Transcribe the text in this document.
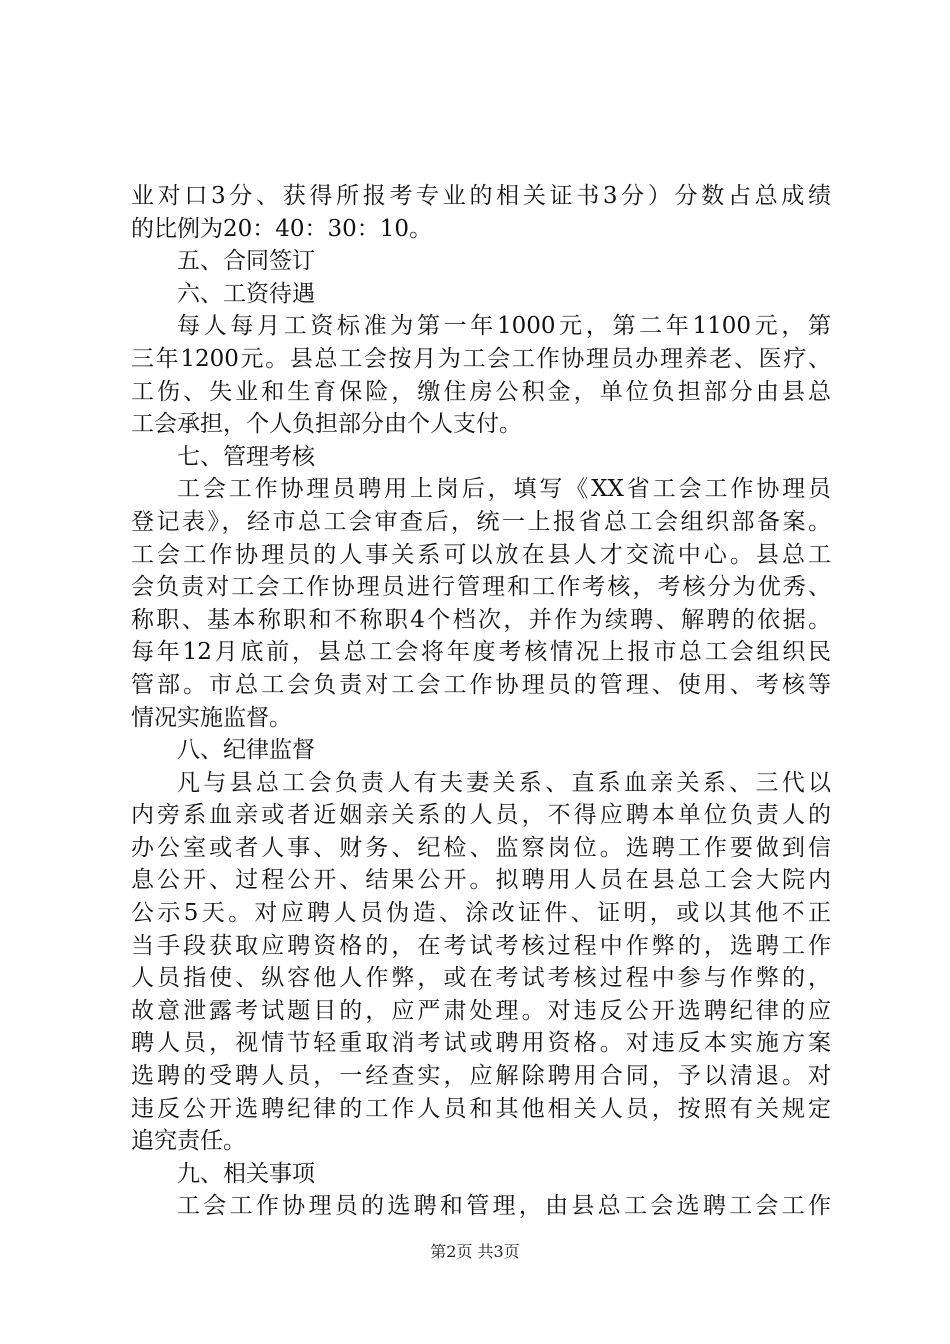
业对口3分、获得所报考专业的相关证书3分）分数占总成绩
的比例为20：40：30：10。
五、合同签订
六、工资待遇
每人每月工资标准为第一年1000元，第二年1100元，第
三年1200元。县总工会按月为工会工作协理员办理养老、医疗、
工伤、失业和生育保险，缴住房公积金，单位负担部分由县总
工会承担，个人负担部分由个人支付。
七、管理考核
工会工作协理员聘用上岗后，填写《XX省工会工作协理员
登记表》，经市总工会审查后，统一上报省总工会组织部备案。
工会工作协理员的人事关系可以放在县人才交流中心。县总工
会负责对工会工作协理员进行管理和工作考核，考核分为优秀、
称职、基本称职和不称职4个档次，并作为续聘、解聘的依据。
每年12月底前，县总工会将年度考核情况上报市总工会组织民
管部。市总工会负责对工会工作协理员的管理、使用、考核等
情况实施监督。
八、纪律监督
凡与县总工会负责人有夫妻关系、直系血亲关系、三代以
内旁系血亲或者近姻亲关系的人员，不得应聘本单位负责人的
办公室或者人事、财务、纪检、监察岗位。选聘工作要做到信
息公开、过程公开、结果公开。拟聘用人员在县总工会大院内
公示5天。对应聘人员伪造、涂改证件、证明，或以其他不正
当手段获取应聘资格的，在考试考核过程中作弊的，选聘工作
人员指使、纵容他人作弊，或在考试考核过程中参与作弊的，
故意泄露考试题目的，应严肃处理。对违反公开选聘纪律的应
聘人员，视情节轻重取消考试或聘用资格。对违反本实施方案
选聘的受聘人员，一经查实，应解除聘用合同，予以清退。对
违反公开选聘纪律的工作人员和其他相关人员，按照有关规定
追究责任。
九、相关事项
工会工作协理员的选聘和管理，由县总工会选聘工会工作
第2页 共3页
